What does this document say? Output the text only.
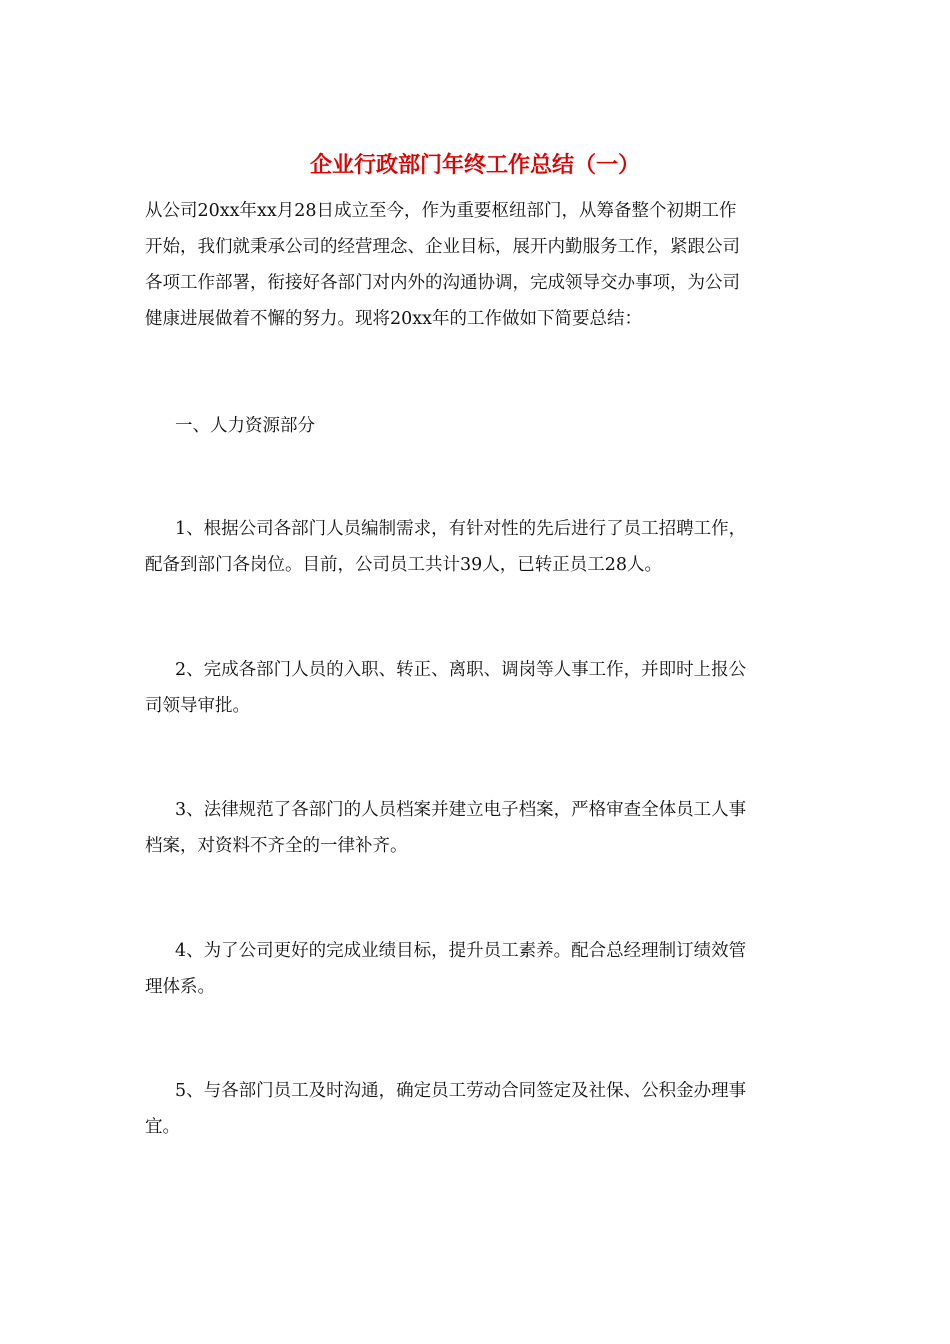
企业行政部门年终工作总结（一）

从公司20xx年xx月28日成立至今，作为重要枢纽部门，从筹备整个初期工作
开始，我们就秉承公司的经营理念、企业目标，展开内勤服务工作，紧跟公司
各项工作部署，衔接好各部门对内外的沟通协调，完成领导交办事项，为公司
健康进展做着不懈的努力。现将20xx年的工作做如下简要总结：

一、人力资源部分

1、根据公司各部门人员编制需求，有针对性的先后进行了员工招聘工作，
配备到部门各岗位。目前，公司员工共计39人，已转正员工28人。

2、完成各部门人员的入职、转正、离职、调岗等人事工作，并即时上报公
司领导审批。

3、法律规范了各部门的人员档案并建立电子档案，严格审查全体员工人事
档案，对资料不齐全的一律补齐。

4、为了公司更好的完成业绩目标，提升员工素养。配合总经理制订绩效管
理体系。

5、与各部门员工及时沟通，确定员工劳动合同签定及社保、公积金办理事
宜。
